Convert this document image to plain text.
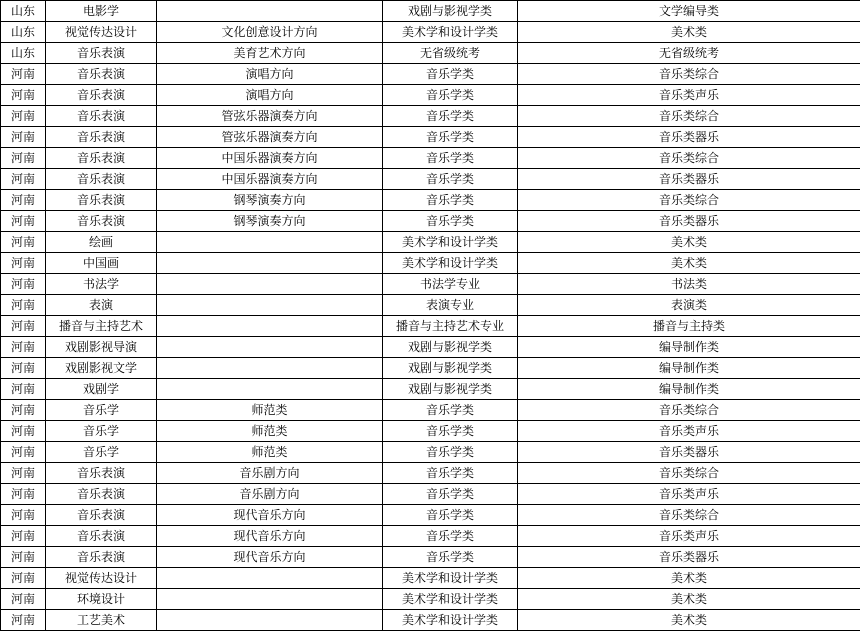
山东	电影学		戏剧与影视学类	文学编导类
山东	视觉传达设计	文化创意设计方向	美术学和设计学类	美术类
山东	音乐表演	美育艺术方向	无省级统考	无省级统考
河南	音乐表演	演唱方向	音乐学类	音乐类综合
河南	音乐表演	演唱方向	音乐学类	音乐类声乐
河南	音乐表演	管弦乐器演奏方向	音乐学类	音乐类综合
河南	音乐表演	管弦乐器演奏方向	音乐学类	音乐类器乐
河南	音乐表演	中国乐器演奏方向	音乐学类	音乐类综合
河南	音乐表演	中国乐器演奏方向	音乐学类	音乐类器乐
河南	音乐表演	钢琴演奏方向	音乐学类	音乐类综合
河南	音乐表演	钢琴演奏方向	音乐学类	音乐类器乐
河南	绘画		美术学和设计学类	美术类
河南	中国画		美术学和设计学类	美术类
河南	书法学		书法学专业	书法类
河南	表演		表演专业	表演类
河南	播音与主持艺术		播音与主持艺术专业	播音与主持类
河南	戏剧影视导演		戏剧与影视学类	编导制作类
河南	戏剧影视文学		戏剧与影视学类	编导制作类
河南	戏剧学		戏剧与影视学类	编导制作类
河南	音乐学	师范类	音乐学类	音乐类综合
河南	音乐学	师范类	音乐学类	音乐类声乐
河南	音乐学	师范类	音乐学类	音乐类器乐
河南	音乐表演	音乐剧方向	音乐学类	音乐类综合
河南	音乐表演	音乐剧方向	音乐学类	音乐类声乐
河南	音乐表演	现代音乐方向	音乐学类	音乐类综合
河南	音乐表演	现代音乐方向	音乐学类	音乐类声乐
河南	音乐表演	现代音乐方向	音乐学类	音乐类器乐
河南	视觉传达设计		美术学和设计学类	美术类
河南	环境设计		美术学和设计学类	美术类
河南	工艺美术		美术学和设计学类	美术类
